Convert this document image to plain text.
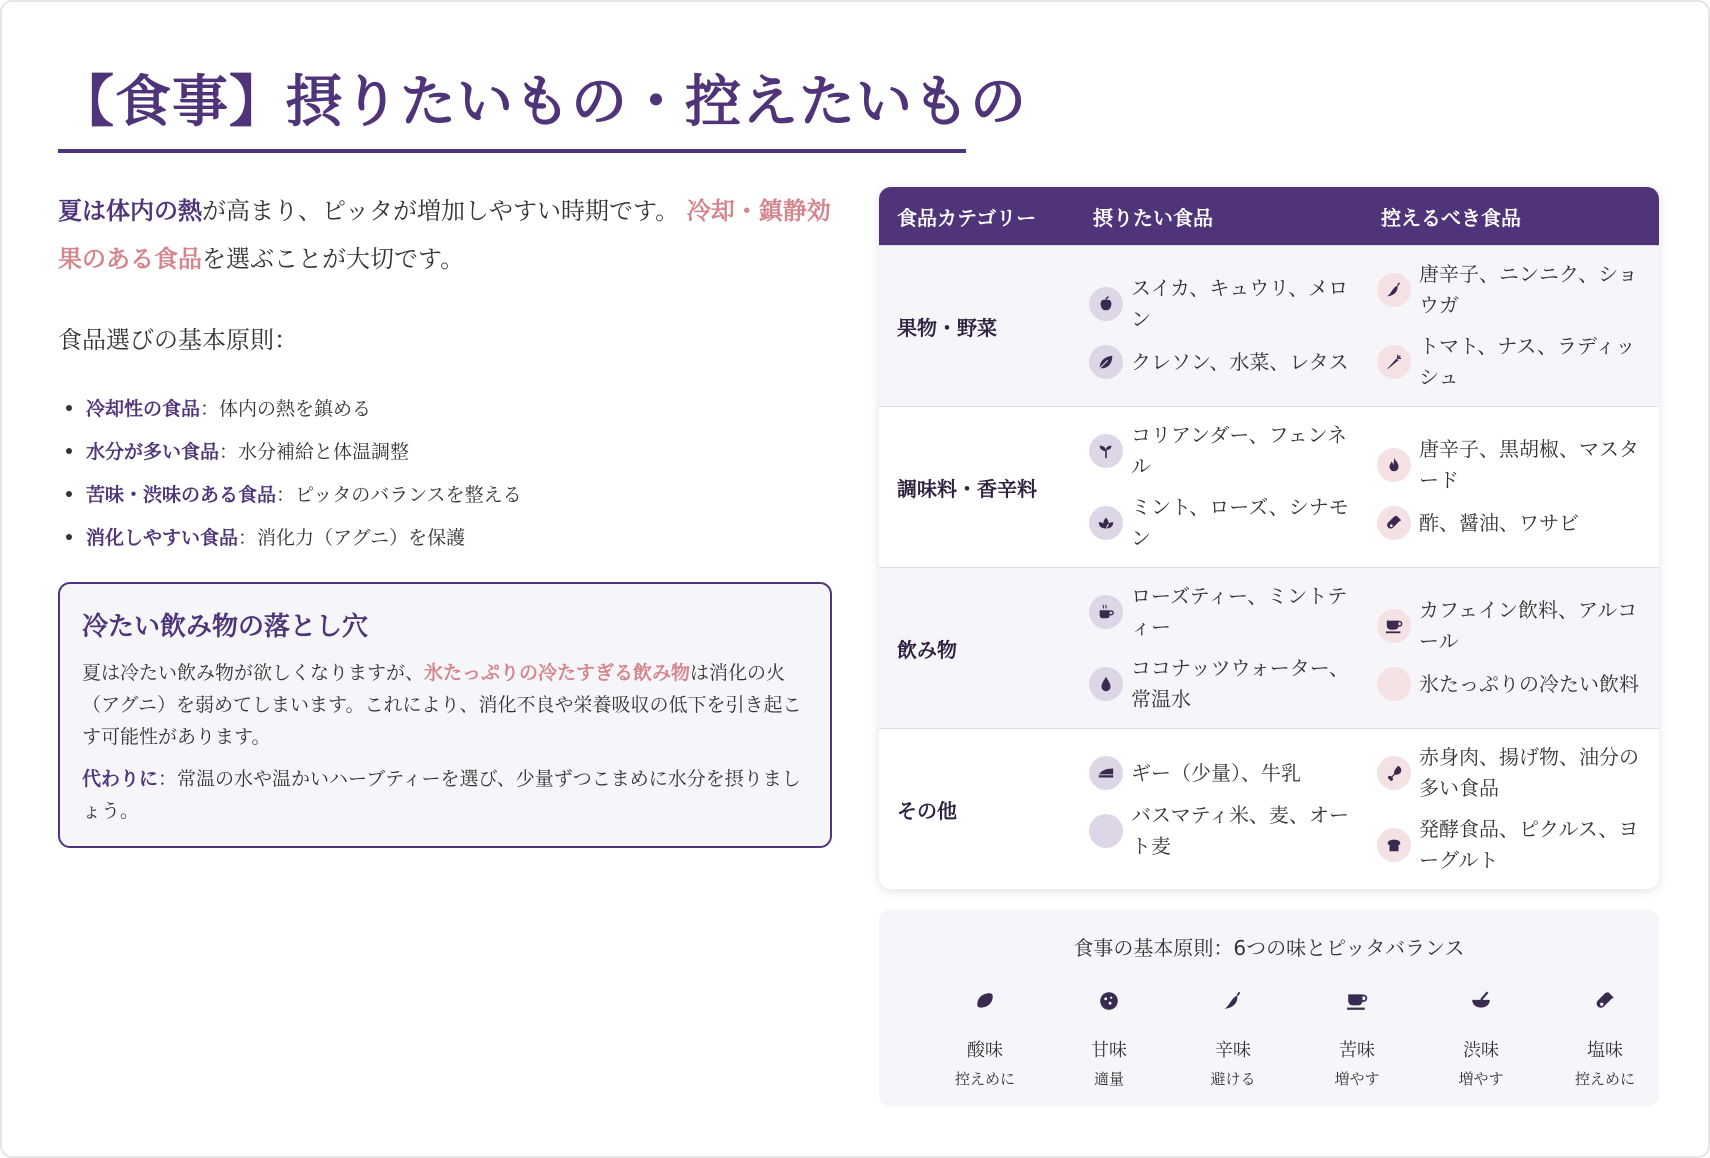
【食事】摂りたいもの・控えたいもの

夏は体内の熱が高まり、ピッタが増加しやすい時期です。 冷却・鎮静効果のある食品を選ぶことが大切です。

食品選びの基本原則：
冷却性の食品 ：体内の熱を鎮める
水分が多い食品 ：水分補給と体温調整
苦味・渋味のある食品 ：ピッタのバランスを整える
消化しやすい食品 ：消化力（アグニ）を保護
冷たい飲み物の落とし穴

夏は冷たい飲み物が欲しくなりますが、氷たっぷりの冷たすぎる飲み物は消化の火（アグニ）を弱めてしまいます。これにより、消化不良や栄養吸収の低下を引き起こす可能性があります。

代わりに：常温の水や温かいハーブティーを選び、少量ずつこまめに水分を摂りましょう。

食品カテゴリー	摂りたい食品	控えるべき食品
果物・野菜
スイカ、キュウリ、メロン
クレソン、水菜、レタス
唐辛子、ニンニク、ショウガ
トマト、ナス、ラディッシュ
調味料・香辛料
コリアンダー、フェンネル
ミント、ローズ、シナモン
唐辛子、黒胡椒、マスタード
酢、醤油、ワサビ
飲み物
ローズティー、ミントティー
ココナッツウォーター、常温水
カフェイン飲料、アルコール
氷たっぷりの冷たい飲料
その他
ギー（少量）、牛乳
バスマティ米、麦、オート麦
赤身肉、揚げ物、油分の多い食品
発酵食品、ピクルス、ヨーグルト
食事の基本原則：6つの味とピッタバランス
酸味
控えめに
甘味
適量
辛味
避ける
苦味
増やす
渋味
増やす
塩味
控えめに
